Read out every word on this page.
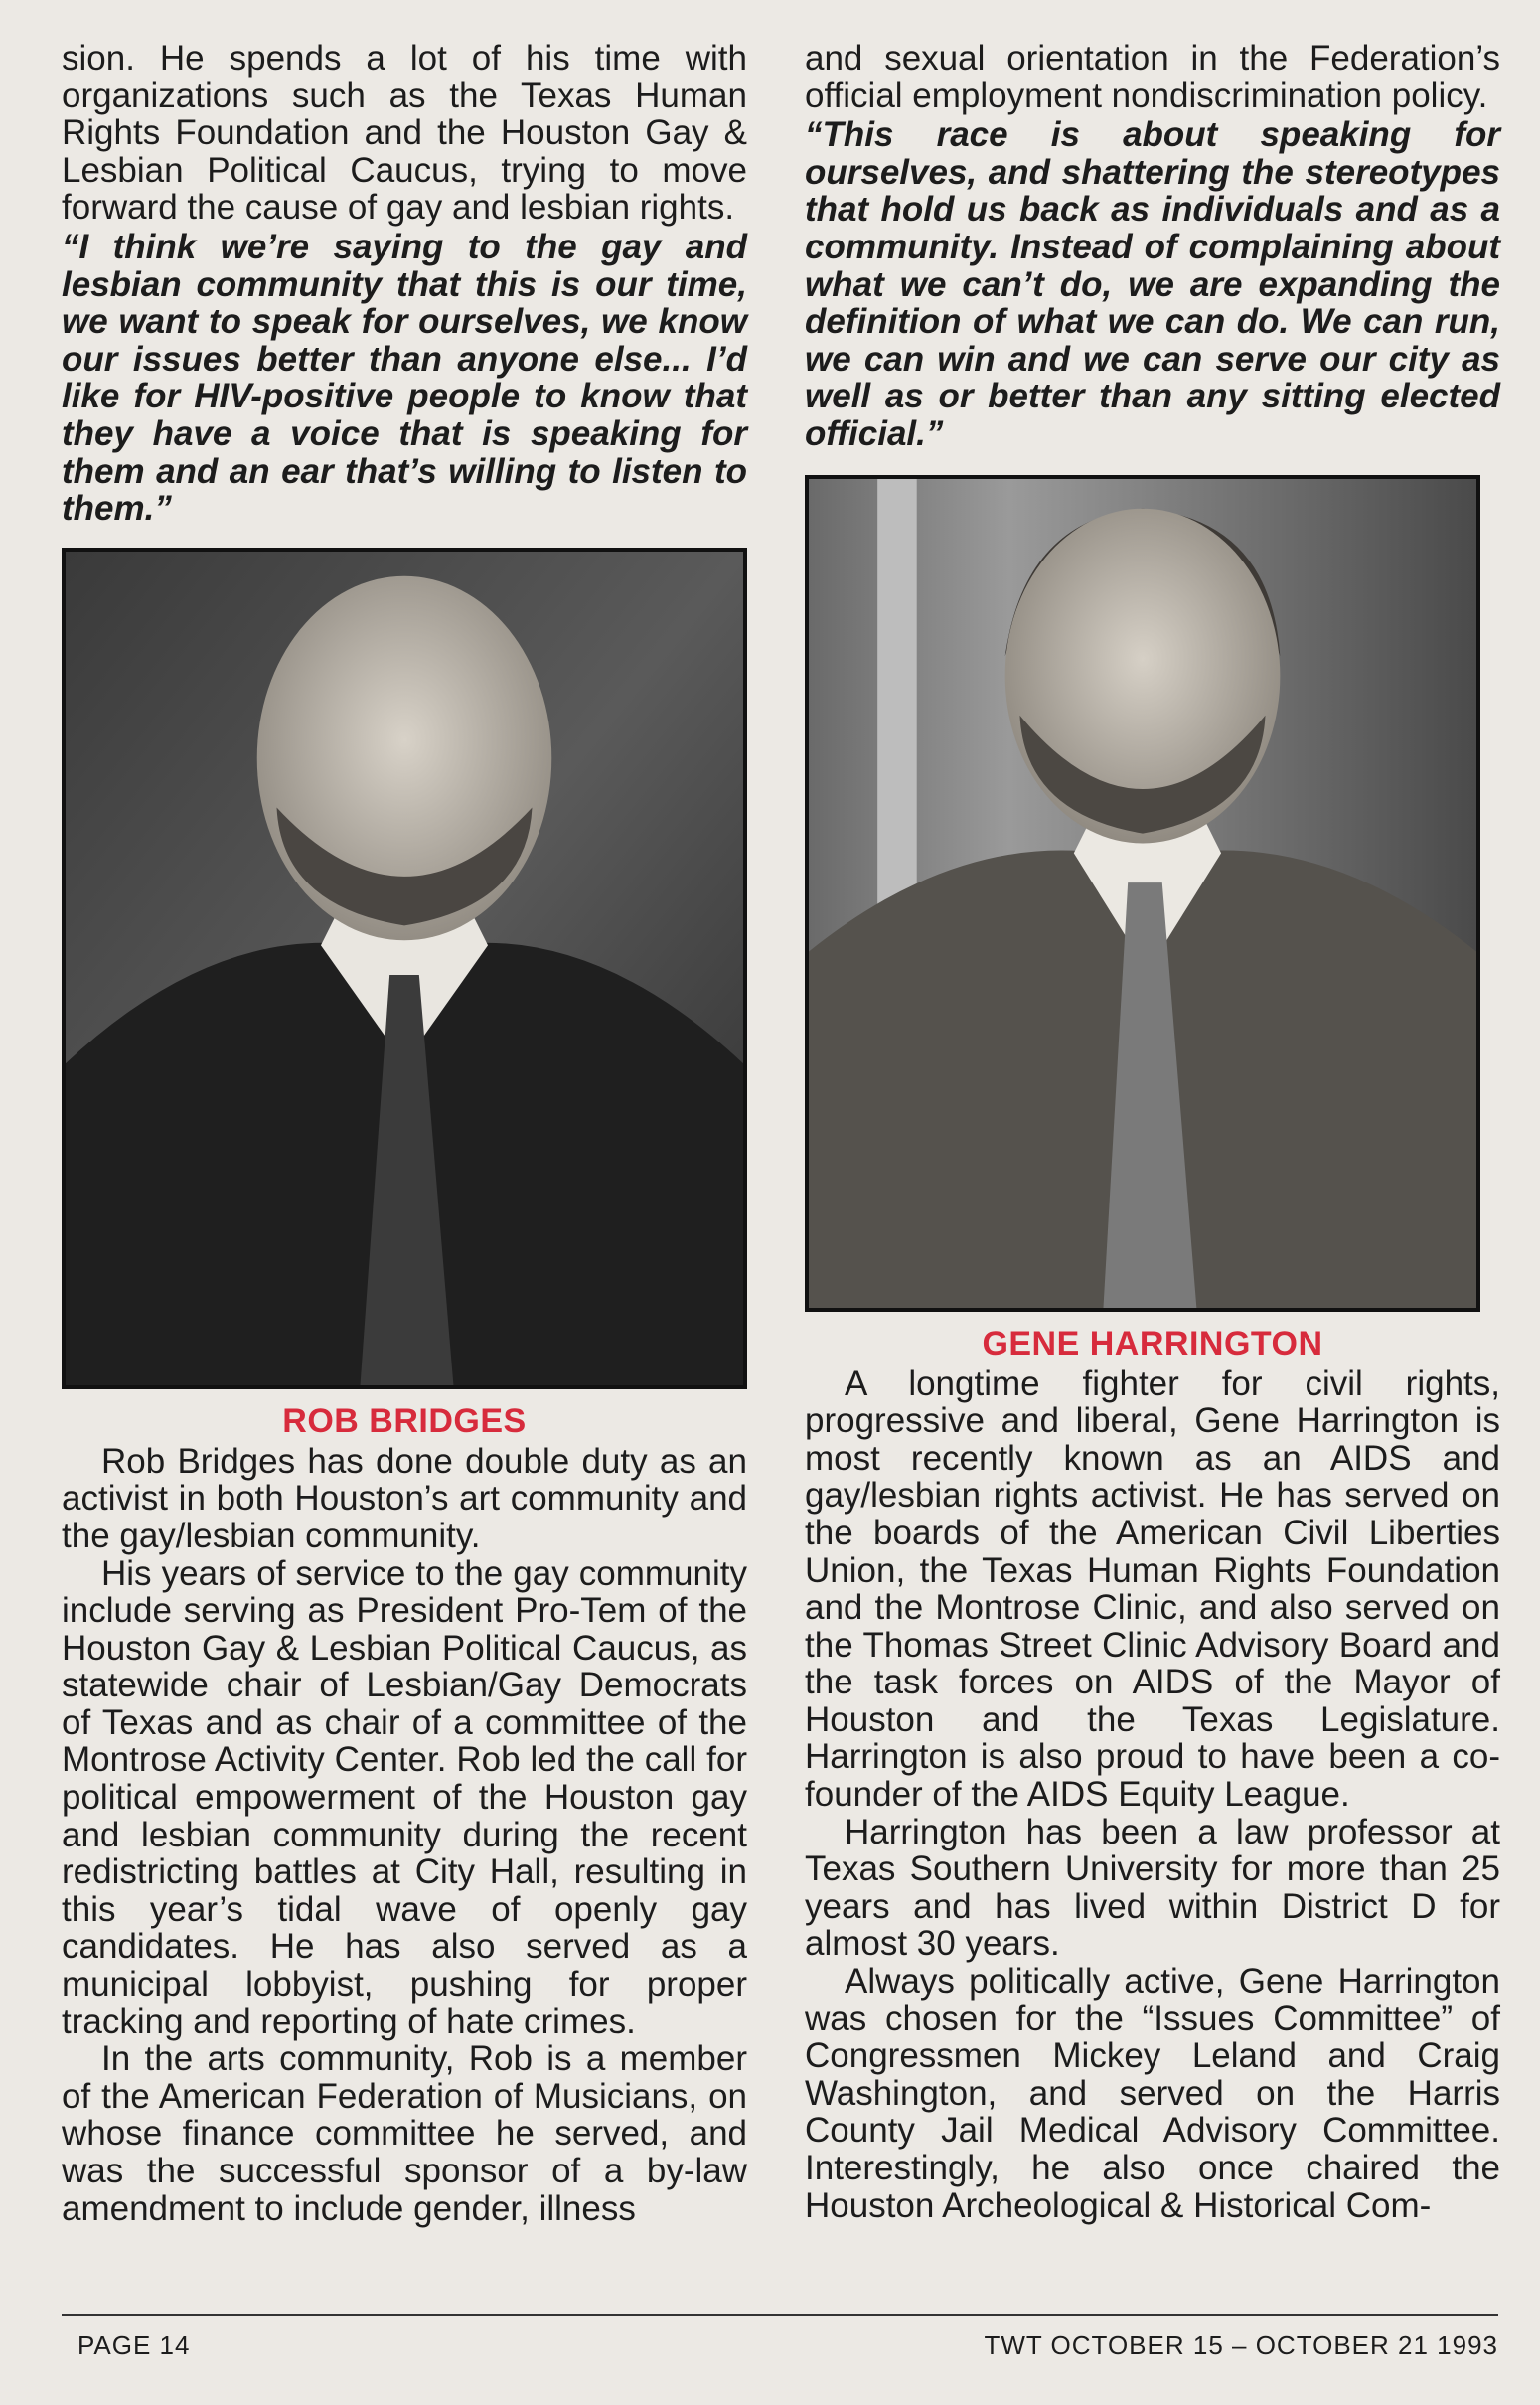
sion. He spends a lot of his time with organizations such as the Texas Human Rights Foundation and the Houston Gay & Lesbian Political Caucus, trying to move forward the cause of gay and lesbian rights.

“I think we’re saying to the gay and lesbian community that this is our time, we want to speak for ourselves, we know our issues better than anyone else... I’d like for HIV-positive people to know that they have a voice that is speaking for them and an ear that’s willing to listen to them.”

ROB BRIDGES

Rob Bridges has done double duty as an activist in both Houston’s art community and the gay/lesbian community.

His years of service to the gay community include serving as President Pro-Tem of the Houston Gay & Lesbian Political Caucus, as statewide chair of Lesbian/Gay Democrats of Texas and as chair of a committee of the Montrose Activity Center. Rob led the call for political empowerment of the Houston gay and lesbian community during the recent redistricting battles at City Hall, resulting in this year’s tidal wave of openly gay candidates. He has also served as a municipal lobbyist, pushing for proper tracking and reporting of hate crimes.

In the arts community, Rob is a member of the American Federation of Musicians, on whose finance committee he served, and was the successful sponsor of a by-law amendment to include gender, illness

and sexual orientation in the Federation’s official employment nondiscrimination policy.

“This race is about speaking for ourselves, and shattering the stereotypes that hold us back as individuals and as a community. Instead of complaining about what we can’t do, we are expanding the definition of what we can do. We can run, we can win and we can serve our city as well as or better than any sitting elected official.”

GENE HARRINGTON

A longtime fighter for civil rights, progressive and liberal, Gene Harrington is most recently known as an AIDS and gay/lesbian rights activist. He has served on the boards of the American Civil Liberties Union, the Texas Human Rights Foundation and the Montrose Clinic, and also served on the Thomas Street Clinic Advisory Board and the task forces on AIDS of the Mayor of Houston and the Texas Legislature. Harrington is also proud to have been a co-founder of the AIDS Equity League.

Harrington has been a law professor at Texas Southern University for more than 25 years and has lived within District D for almost 30 years.

Always politically active, Gene Harrington was chosen for the “Issues Committee” of Congressmen Mickey Leland and Craig Washington, and served on the Harris County Jail Medical Advisory Committee. Interestingly, he also once chaired the Houston Archeological & Historical Com-

PAGE 14	TWT OCTOBER 15 – OCTOBER 21 1993
